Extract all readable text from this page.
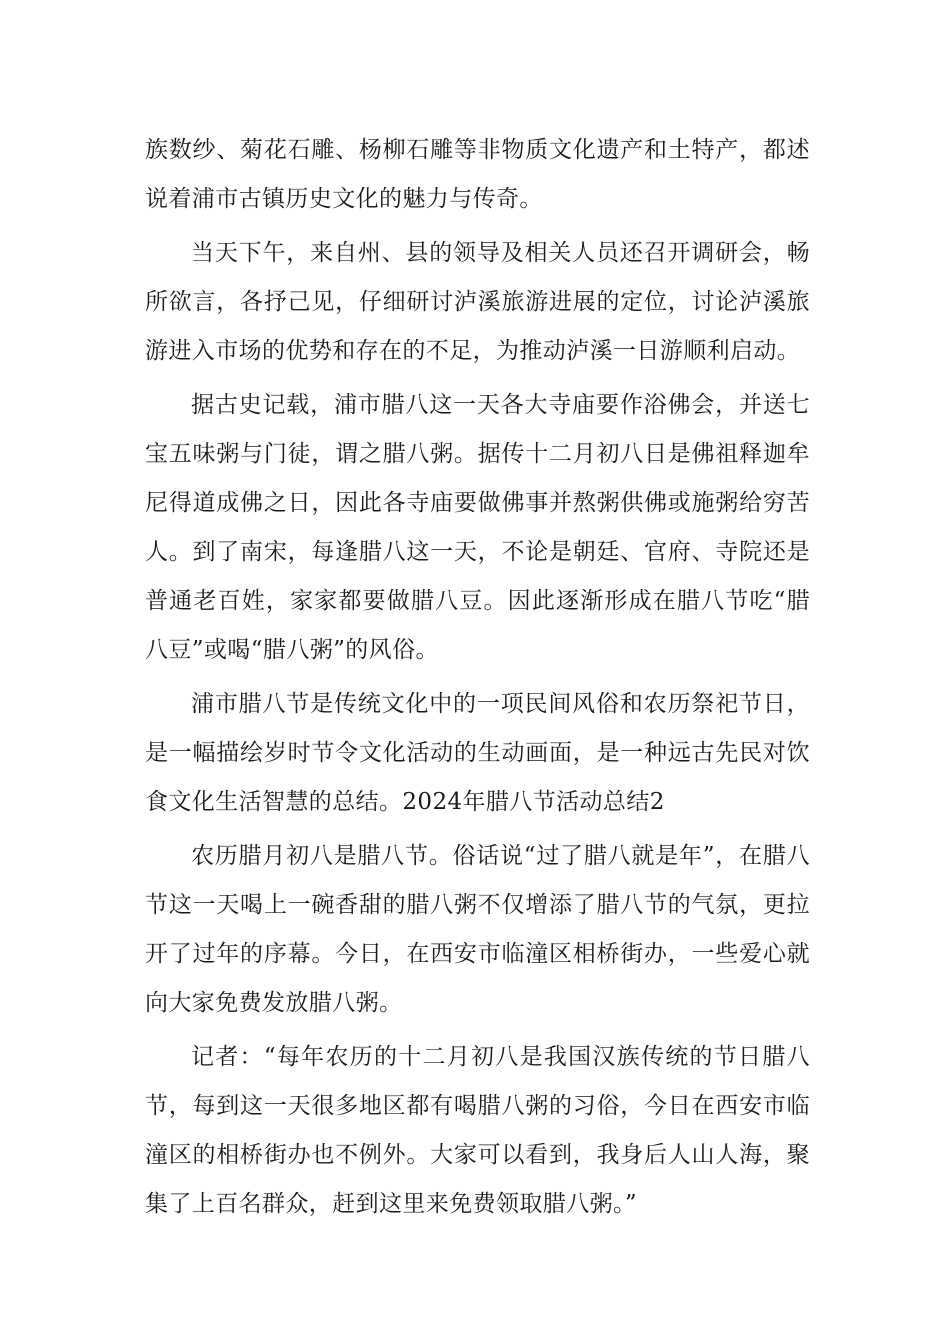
族数纱、菊花石雕、杨柳石雕等非物质文化遗产和土特产，都述说着浦市古镇历史文化的魅力与传奇。

当天下午，来自州、县的领导及相关人员还召开调研会，畅所欲言，各抒己见，仔细研讨泸溪旅游进展的定位，讨论泸溪旅游进入市场的优势和存在的不足，为推动泸溪一日游顺利启动。

据古史记载，浦市腊八这一天各大寺庙要作浴佛会，并送七宝五味粥与门徒，谓之腊八粥。据传十二月初八日是佛祖释迦牟尼得道成佛之日，因此各寺庙要做佛事并熬粥供佛或施粥给穷苦人。到了南宋，每逢腊八这一天，不论是朝廷、官府、寺院还是普通老百姓，家家都要做腊八豆。因此逐渐形成在腊八节吃“腊八豆”或喝“腊八粥”的风俗。

浦市腊八节是传统文化中的一项民间风俗和农历祭祀节日，是一幅描绘岁时节令文化活动的生动画面，是一种远古先民对饮食文化生活智慧的总结。2024年腊八节活动总结2

农历腊月初八是腊八节。俗话说“过了腊八就是年”，在腊八节这一天喝上一碗香甜的腊八粥不仅增添了腊八节的气氛，更拉开了过年的序幕。今日，在西安市临潼区相桥街办，一些爱心就向大家免费发放腊八粥。

记者：“每年农历的十二月初八是我国汉族传统的节日腊八节，每到这一天很多地区都有喝腊八粥的习俗，今日在西安市临潼区的相桥街办也不例外。大家可以看到，我身后人山人海，聚集了上百名群众，赶到这里来免费领取腊八粥。”
